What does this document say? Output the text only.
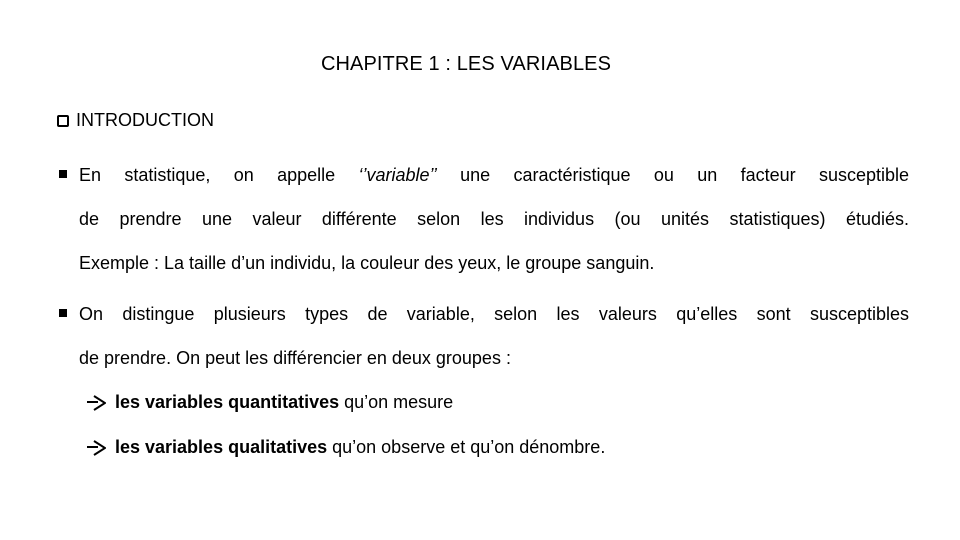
CHAPITRE 1 : LES VARIABLES
INTRODUCTION
En statistique, on appelle ‘’variable’’ une caractéristique ou un facteur susceptible
de prendre une valeur différente selon les individus (ou unités statistiques) étudiés.
Exemple : La taille d’un individu, la couleur des yeux, le groupe sanguin.
On distingue plusieurs types de variable, selon les valeurs qu’elles sont susceptibles
de prendre. On peut les différencier en deux groupes :
les variables quantitatives qu’on mesure
les variables qualitatives qu’on observe et qu’on dénombre.
